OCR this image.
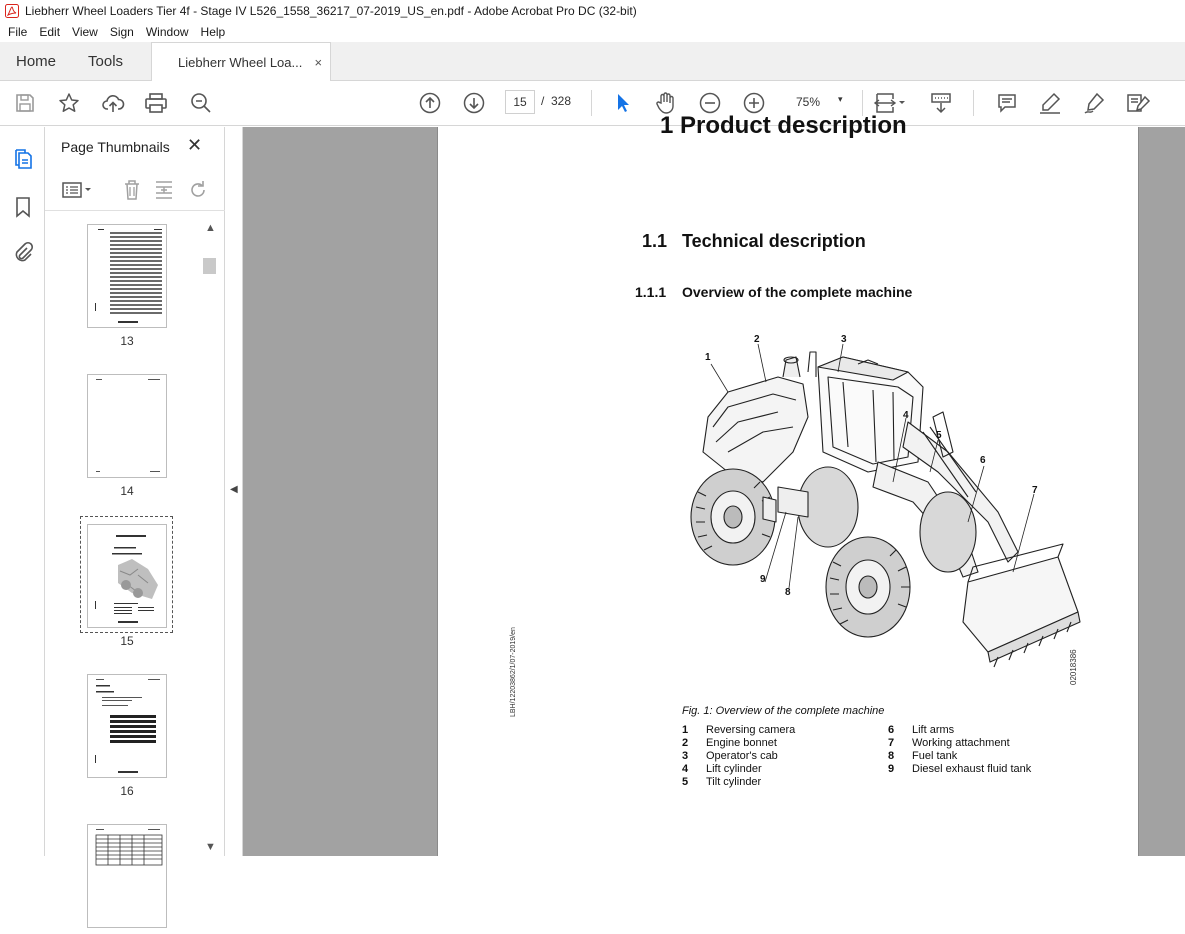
Liebherr Wheel Loaders Tier 4f - Stage IV L526_1558_36217_07-2019_US_en.pdf - Adobe Acrobat Pro DC (32-bit)
File	Edit	View	Sign	Window	Help
Home	Tools	Liebherr Wheel Loa... ×
15	/ 328	75% ▾
Page Thumbnails ✕
▲
▼
13
14
15
16
◀
1 Product description
1.1 Technical description
1.1.1 Overview of the complete machine
1
2	3
4
5
6
7
8
9
02018386
LBH/12203862/1/07-2019/en	Fig. 1: Overview of the complete machine
1 Reversing camera
2 Engine bonnet
3 Operator's cab
4 Lift cylinder
5 Tilt cylinder
6 Lift arms
7 Working attachment
8 Fuel tank
9 Diesel exhaust fluid tank
